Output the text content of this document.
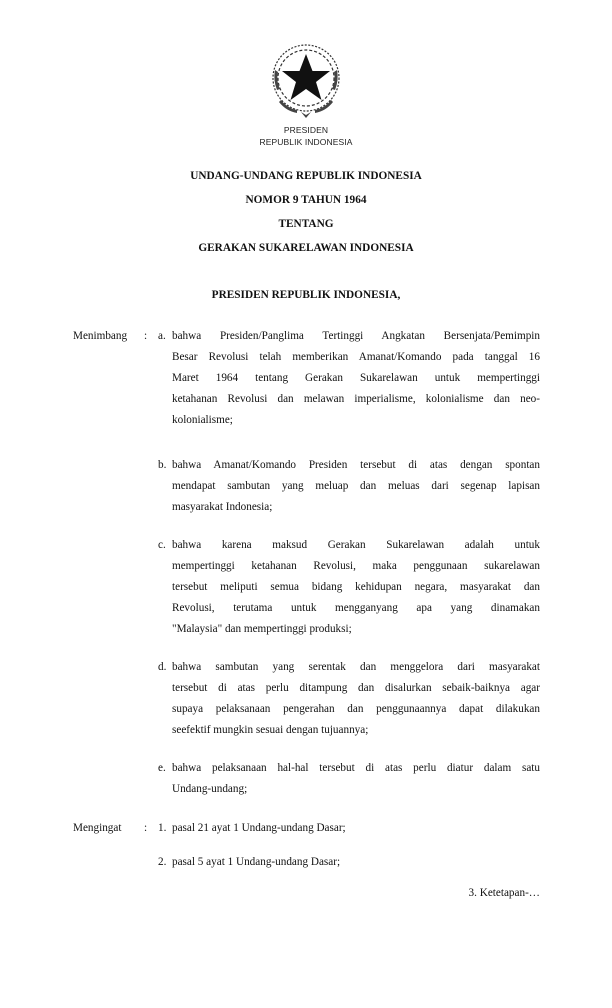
PRESIDEN
REPUBLIK INDONESIA
UNDANG-UNDANG REPUBLIK INDONESIA
NOMOR 9 TAHUN 1964
TENTANG
GERAKAN SUKARELAWAN INDONESIA
PRESIDEN REPUBLIK INDONESIA,
Menimbang : a. bahwa Presiden/Panglima Tertinggi Angkatan Bersenjata/Pemimpin
Besar Revolusi telah memberikan Amanat/Komando pada tanggal 16
Maret 1964 tentang Gerakan Sukarelawan untuk mempertinggi
ketahanan Revolusi dan melawan imperialisme, kolonialisme dan neo-
kolonialisme;
b. bahwa Amanat/Komando Presiden tersebut di atas dengan spontan
mendapat sambutan yang meluap dan meluas dari segenap lapisan
masyarakat Indonesia;
c. bahwa karena maksud Gerakan Sukarelawan adalah untuk
mempertinggi ketahanan Revolusi, maka penggunaan sukarelawan
tersebut meliputi semua bidang kehidupan negara, masyarakat dan
Revolusi, terutama untuk mengganyang apa yang dinamakan
"Malaysia" dan mempertinggi produksi;
d. bahwa sambutan yang serentak dan menggelora dari masyarakat
tersebut di atas perlu ditampung dan disalurkan sebaik-baiknya agar
supaya pelaksanaan pengerahan dan penggunaannya dapat dilakukan
seefektif mungkin sesuai dengan tujuannya;
e. bahwa pelaksanaan hal-hal tersebut di atas perlu diatur dalam satu
Undang-undang;
Mengingat : 1. pasal 21 ayat 1 Undang-undang Dasar;
2. pasal 5 ayat 1 Undang-undang Dasar;
3. Ketetapan-…
